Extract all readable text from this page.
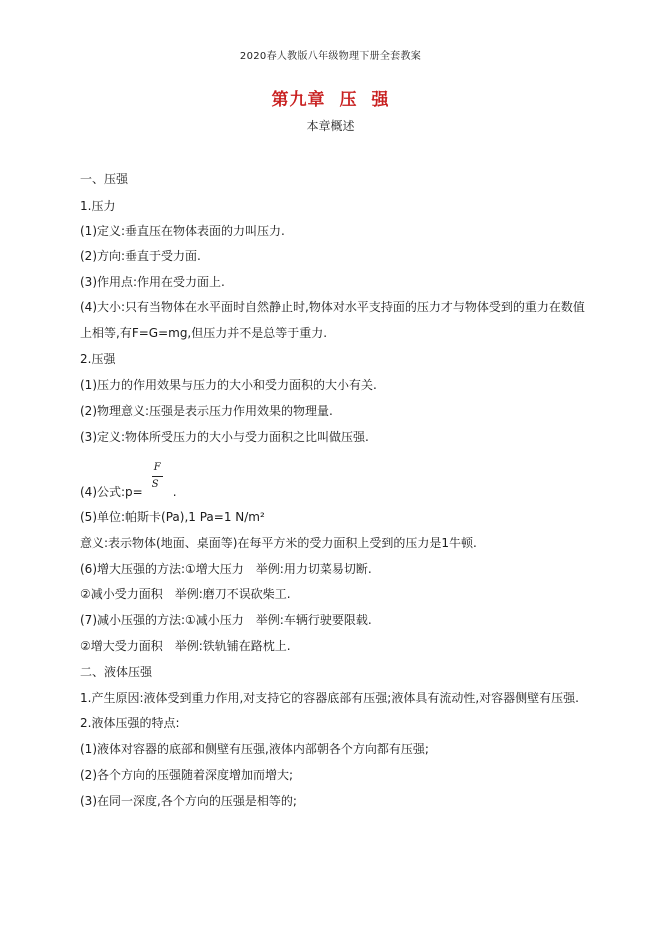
2020春人教版八年级物理下册全套教案
第九章 压 强
本章概述
一、压强
1.压力
(1)定义:垂直压在物体表面的力叫压力.
(2)方向:垂直于受力面.
(3)作用点:作用在受力面上.
(4)大小:只有当物体在水平面时自然静止时,物体对水平支持面的压力才与物体受到的重力在数值
上相等,有F=G=mg,但压力并不是总等于重力.
2.压强
(1)压力的作用效果与压力的大小和受力面积的大小有关.
(2)物理意义:压强是表示压力作用效果的物理量.
(3)定义:物体所受压力的大小与受力面积之比叫做压强.
(4)公式:p= $\frac{F}{S}$ .
(5)单位:帕斯卡(Pa),1 Pa=1 N/m²
意义:表示物体(地面、桌面等)在每平方米的受力面积上受到的压力是1牛顿.
(6)增大压强的方法:①增大压力　举例:用力切菜易切断.
②减小受力面积　举例:磨刀不误砍柴工.
(7)减小压强的方法:①减小压力　举例:车辆行驶要限载.
②增大受力面积　举例:铁轨铺在路枕上.
二、液体压强
1.产生原因:液体受到重力作用,对支持它的容器底部有压强;液体具有流动性,对容器侧壁有压强.
2.液体压强的特点:
(1)液体对容器的底部和侧壁有压强,液体内部朝各个方向都有压强;
(2)各个方向的压强随着深度增加而增大;
(3)在同一深度,各个方向的压强是相等的;
